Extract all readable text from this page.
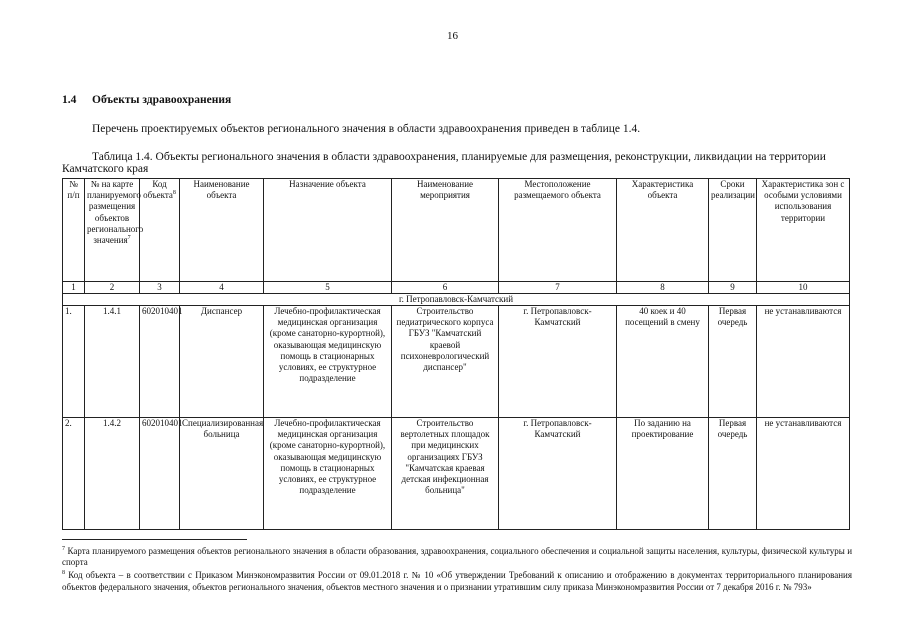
16
1.4 Объекты здравоохранения
Перечень проектируемых объектов регионального значения в области здравоохранения приведен в таблице 1.4.
Таблица 1.4. Объекты регионального значения в области здравоохранения, планируемые для размещения, реконструкции, ликвидации на территории Камчатского края
№ п/п	№ на карте планируемого размещения объектов регионального значения$^7$	Код объекта$^8$	Наименование объекта	Назначение объекта	Наименование мероприятия	Местоположение размещаемого объекта	Характеристика объекта	Сроки реализации	Характеристика зон с особыми условиями использования территории
1	2	3	4	5	6	7	8	9	10
г. Петропавловск-Камчатский									
1.	1.4.1	602010401	Диспансер	Лечебно-профилактическая медицинская организация (кроме санаторно-курортной), оказывающая медицинскую помощь в стационарных условиях, ее структурное подразделение	Строительство педиатрического корпуса ГБУЗ "Камчатский краевой психоневрологический диспансер"	г. Петропавловск-Камчатский	40 коек и 40 посещений в смену	Первая очередь	не устанавливаются
2.	1.4.2	602010401	Специализированная больница	Лечебно-профилактическая медицинская организация (кроме санаторно-курортной), оказывающая медицинскую помощь в стационарных условиях, ее структурное подразделение	Строительство вертолетных площадок при медицинских организациях ГБУЗ "Камчатская краевая детская инфекционная больница"	г. Петропавловск-Камчатский	По заданию на проектирование	Первая очередь	не устанавливаются

$^7$ Карта планируемого размещения объектов регионального значения в области образования, здравоохранения, социального обеспечения и социальной защиты населения, культуры, физической культуры и спорта

$^8$ Код объекта – в соответствии с Приказом Минэкономразвития России от 09.01.2018 г. № 10 «Об утверждении Требований к описанию и отображению в документах территориального планирования объектов федерального значения, объектов регионального значения, объектов местного значения и о признании утратившим силу приказа Минэкономразвития России от 7 декабря 2016 г. № 793»
